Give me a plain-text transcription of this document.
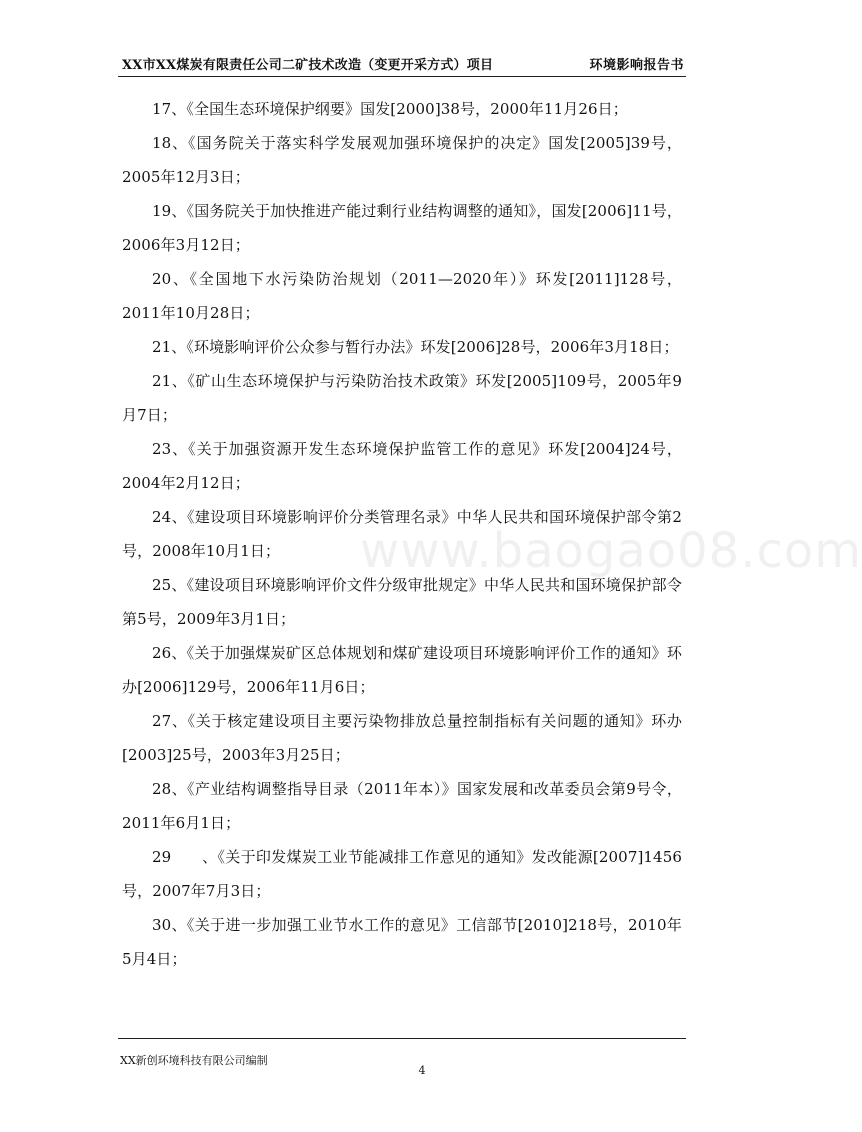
XX市XX煤炭有限责任公司二矿技术改造（变更开采方式）项目	环境影响报告书
www.baogao08.com

17、《全国生态环境保护纲要》国发[2000]38号，2000年11月26日；

18、《国务院关于落实科学发展观加强环境保护的决定》国发[2005]39号，2005年12月3日；

19、《国务院关于加快推进产能过剩行业结构调整的通知》，国发[2006]11号，2006年3月12日；

20、《全国地下水污染防治规划（2011—2020年）》环发[2011]128号，2011年10月28日；

21、《环境影响评价公众参与暂行办法》环发[2006]28号，2006年3月18日；

21、《矿山生态环境保护与污染防治技术政策》环发[2005]109号，2005年9月7日；

23、《关于加强资源开发生态环境保护监管工作的意见》环发[2004]24号，2004年2月12日；

24、《建设项目环境影响评价分类管理名录》中华人民共和国环境保护部令第2号，2008年10月1日；

25、《建设项目环境影响评价文件分级审批规定》中华人民共和国环境保护部令第5号，2009年3月1日；

26、《关于加强煤炭矿区总体规划和煤矿建设项目环境影响评价工作的通知》环办[2006]129号，2006年11月6日；

27、《关于核定建设项目主要污染物排放总量控制指标有关问题的通知》环办[2003]25号，2003年3月25日；

28、《产业结构调整指导目录（2011年本）》国家发展和改革委员会第9号令，2011年6月1日；

29　　、《关于印发煤炭工业节能减排工作意见的通知》发改能源[2007]1456号，2007年7月3日；

30、《关于进一步加强工业节水工作的意见》工信部节[2010]218号，2010年5月4日；

XX新创环境科技有限公司编制
4
